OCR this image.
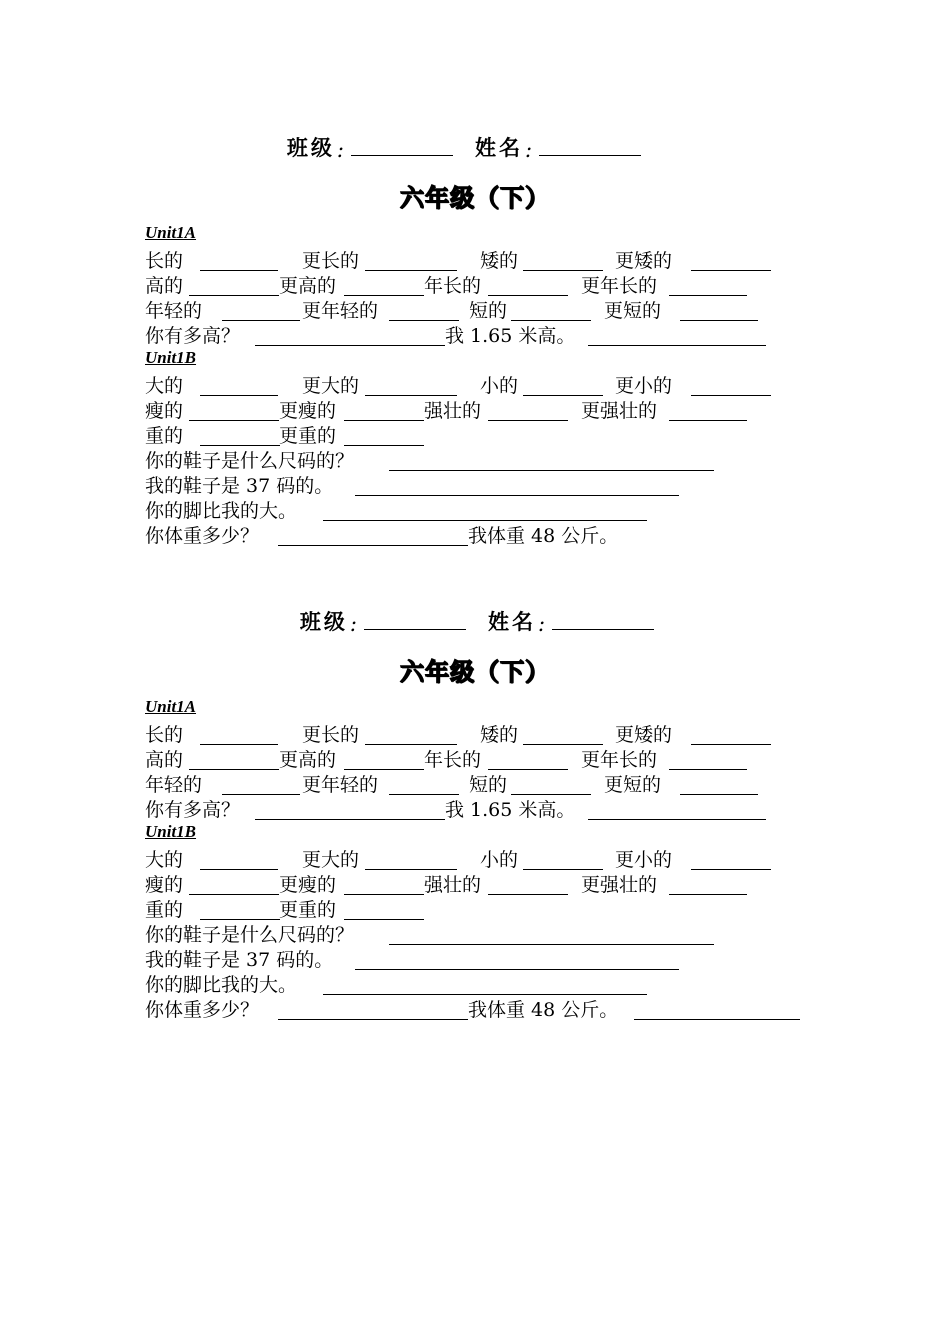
班级 :	姓名 :
六年级（下）
Unit1A
长的	更长的	矮的	更矮的
高的	更高的	年长的	更年长的
年轻的	更年轻的	短的	更短的
你有多高？	我 1.65 米高。
Unit1B
大的	更大的	小的	更小的
瘦的	更瘦的	强壮的	更强壮的
重的	更重的
你的鞋子是什么尺码的？
我的鞋子是 37 码的。
你的脚比我的大。
你体重多少？	我体重 48 公斤。
班级 :	姓名 :
六年级（下）
Unit1A
长的	更长的	矮的	更矮的
高的	更高的	年长的	更年长的
年轻的	更年轻的	短的	更短的
你有多高？	我 1.65 米高。
Unit1B
大的	更大的	小的	更小的
瘦的	更瘦的	强壮的	更强壮的
重的	更重的
你的鞋子是什么尺码的？
我的鞋子是 37 码的。
你的脚比我的大。
你体重多少？	我体重 48 公斤。
